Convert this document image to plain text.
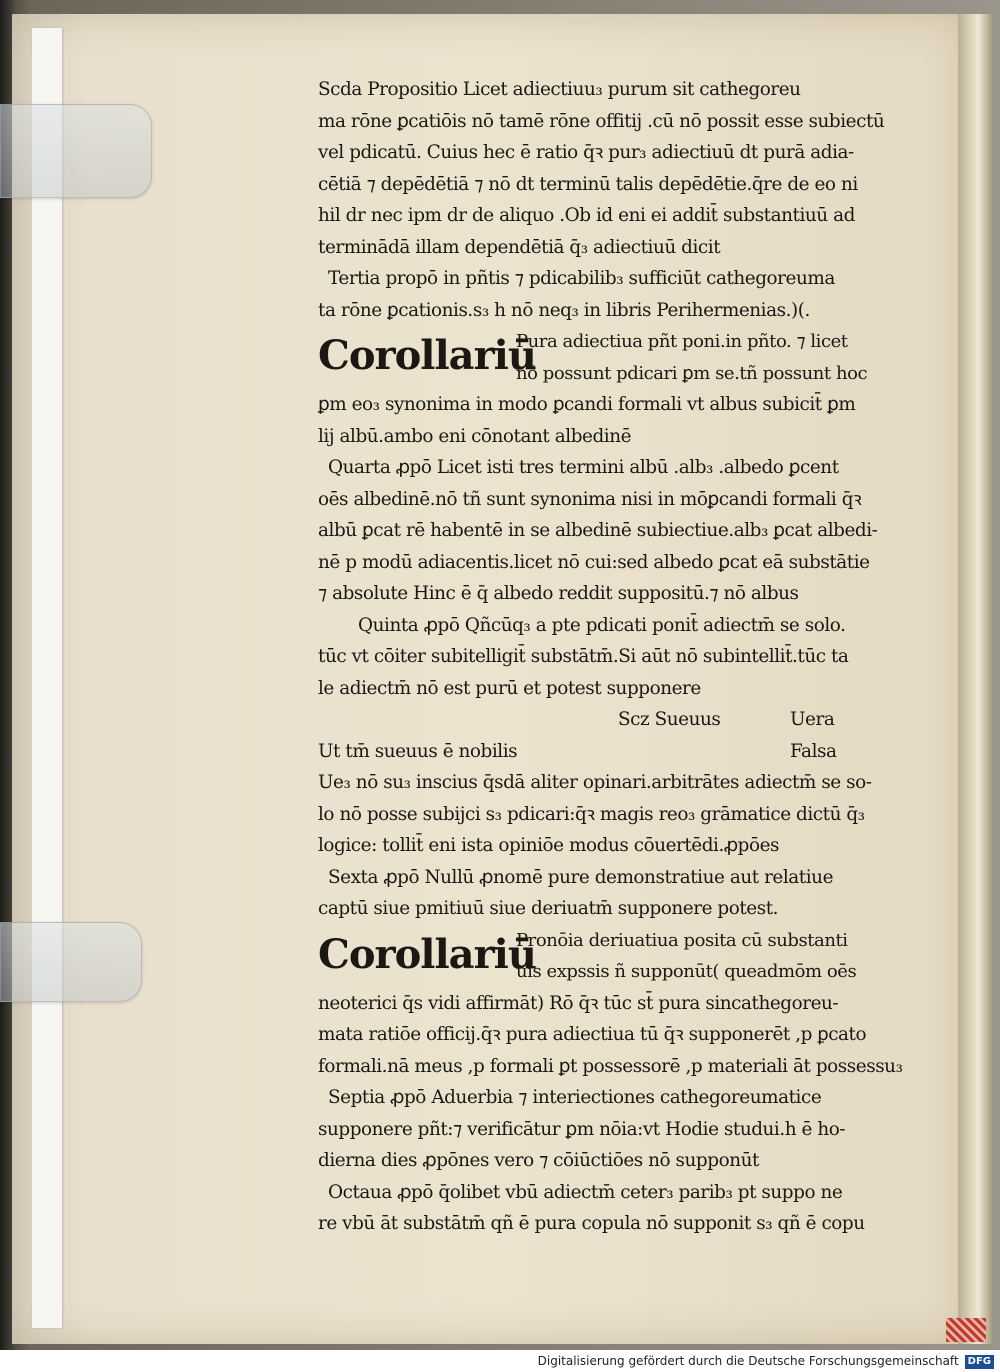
Scda Propositio Licet adiectiuu₃ purum sit cathegoreu
ma rōne ꝑcatiōis nō tamē rōne offitij .cū nō possit esse subiectū
vel pdicatū. Cuius hec ē ratio q̄ꝛ pur₃ adiectiuū dt purā adia-
cētiā ⁊ depēdētiā ⁊ nō dt terminū talis depēdētie.q̄re de eo ni
hil dr nec ipm dr de aliquo .Ob id eni ei addit̄ substantiuū ad
terminādā illam dependētiā q̄₃ adiectiuū dicit
Tertia propō in pñtis ⁊ pdicabilib₃ sufficiūt cathegoreuma
ta rōne ꝑcationis.s₃ h nō neq₃ in libris Perihermenias.)(.
Corollariū
Pura adiectiua pñt poni.in pñto. ⁊ licet
nō possunt pdicari ꝑm se.tñ possunt hoc
ꝑm eo₃ synonima in modo ꝑcandi formali vt albus subicit̄ ꝑm
lij albū.ambo eni cōnotant albedinē
Quarta ꝓpō Licet isti tres termini albū .alb₃ .albedo ꝑcent
oēs albedinē.nō tñ sunt synonima nisi in mōꝑcandi formali q̄ꝛ
albū ꝑcat rē habentē in se albedinē subiectiue.alb₃ ꝑcat albedi-
nē p modū adiacentis.licet nō cui:sed albedo ꝑcat eā substātie
⁊ absolute Hinc ē q̄ albedo reddit suppositū.⁊ nō albus
Quinta ꝓpō Qñcūq₃ a pte pdicati ponit̄ adiectm̄ se solo.
tūc vt cōiter subitelligit̄ substātm̄.Si aūt nō subintellit̄.tūc ta
le adiectm̄ nō est purū et potest supponere
Scz Sueuus	Uera
Ut tm̄ sueuus ē nobilis	Falsa
Ue₃ nō su₃ inscius q̄sdā aliter opinari.arbitrātes adiectm̄ se so-
lo nō posse subijci s₃ pdicari:q̄ꝛ magis reo₃ grāmatice dictū q̄₃
logice: tollit̄ eni ista opiniōe modus cōuertēdi.ꝓpōes
Sexta ꝓpō Nullū ꝓnomē pure demonstratiue aut relatiue
captū siue pmitiuū siue deriuatm̄ supponere potest.
Corollariū
Pronōia deriuatiua posita cū substanti
uis expssis ñ supponūt( queadmōm oēs
neoterici q̄s vidi affirmāt) Rō q̄ꝛ tūc st̄ pura sincathegoreu-
mata ratiōe officij.q̄ꝛ pura adiectiua tū q̄ꝛ supponerēt ,p ꝑcato
formali.nā meus ,p formali ꝑt possessorē ,p materiali āt possessu₃
Septia ꝓpō Aduerbia ⁊ interiectiones cathegoreumatice
supponere pñt:⁊ verificātur ꝑm nōia:vt Hodie studui.h ē ho-
dierna dies ꝓpōnes vero ⁊ cōiūctiōes nō supponūt
Octaua ꝓpō q̄olibet vbū adiectm̄ ceter₃ parib₃ pt suppo ne
re vbū āt substātm̄ qñ ē pura copula nō supponit s₃ qñ ē copu
Digitalisierung gefördert durch die Deutsche Forschungsgemeinschaft DFG
